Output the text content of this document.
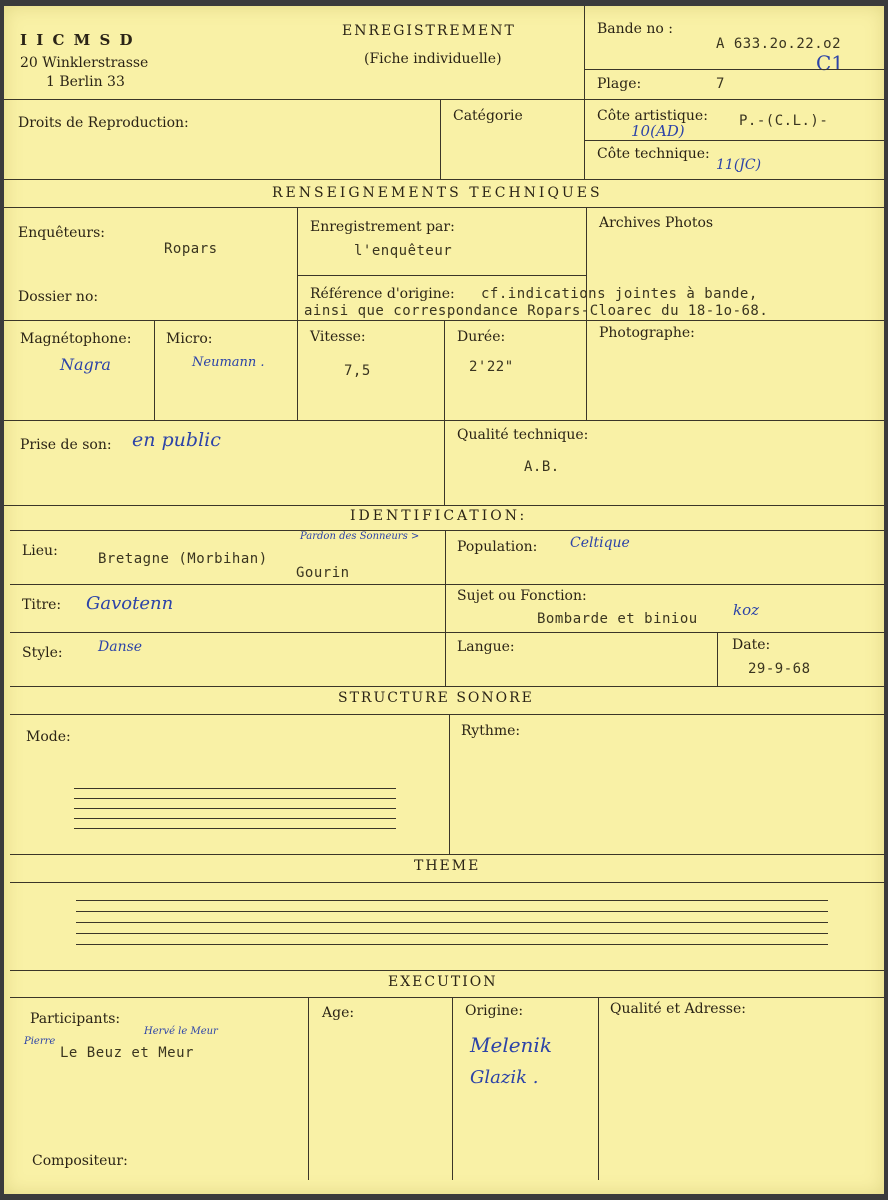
I I C M S D
20 Winklerstrasse
1 Berlin 33
ENREGISTREMENT
(Fiche individuelle)
Bande no :
A 633.2o.22.o2
C1
Plage:	7
Droits de Reproduction:	Catégorie	Côte artistique: P.-(C.L.)-
10(AD)
Côte technique:
11(JC)
RENSEIGNEMENTS TECHNIQUES
Enquêteurs:
Ropars
Enregistrement par:
l'enquêteur
Archives Photos
Dossier no:	Référence d'origine: cf.indications jointes à bande,
ainsi que correspondance Ropars-Cloarec du 18-1o-68.
Magnétophone:
Nagra
Micro:
Neumann .
Vitesse:
7,5
Durée:
2'22"
Photographe:
Prise de son: en public	Qualité technique:
A.B.
IDENTIFICATION:
Lieu:	Bretagne (Morbihan)
Pardon des Sonneurs >
Gourin
Population: Celtique
Titre: Gavotenn	Sujet ou Fonction:
Bombarde et biniou koz
Style:	Danse	Langue:	Date:
29-9-68
STRUCTURE SONORE
Mode:	Rythme:
THEME
EXECUTION
Participants:
Pierre
Hervé le Meur
Le Beuz et Meur
Age:	Origine:
Melenik
Glazik .
Qualité et Adresse:
Compositeur:
